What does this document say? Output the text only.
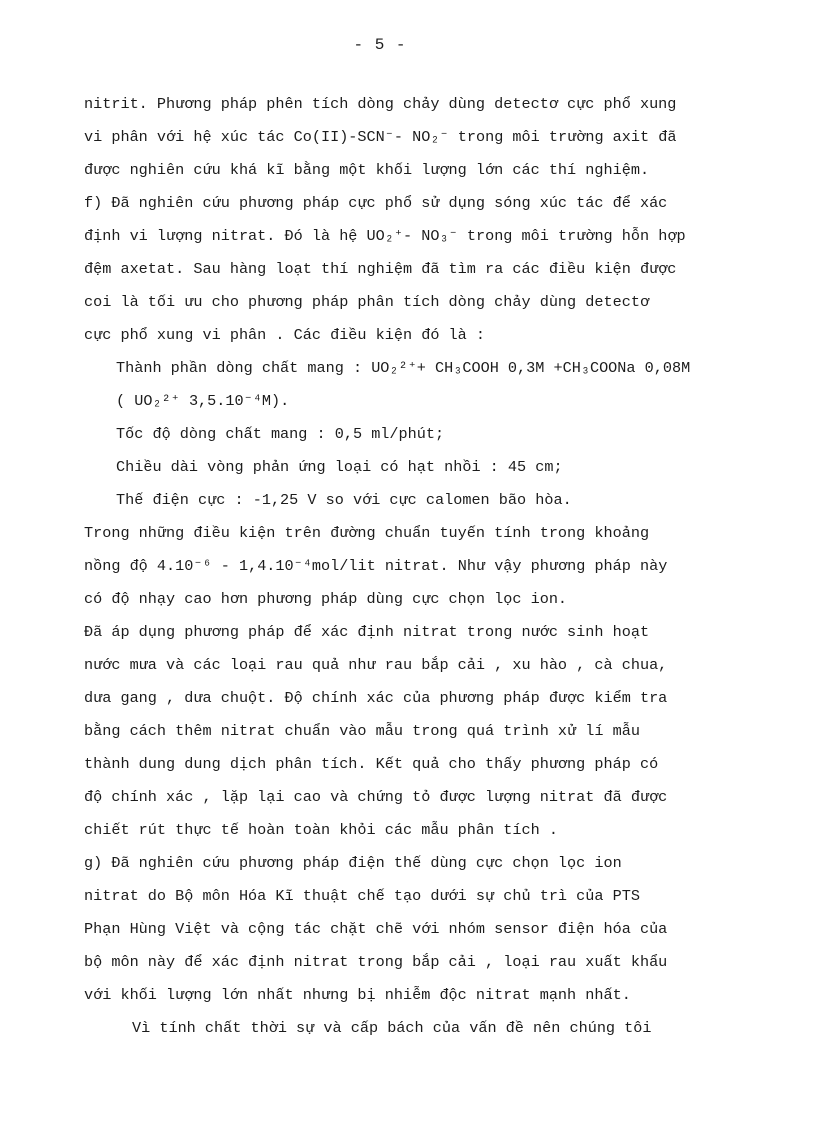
- 5 -
nitrit. Phương pháp phên tích dòng chảy dùng detectơ cực phổ xung
vi phân với hệ xúc tác Co(II)-SCN⁻- NO₂⁻ trong môi trường axit đã
được nghiên cứu khá kĩ bằng một khối lượng lớn các thí nghiệm.
f) Đã nghiên cứu phương pháp cực phổ sử dụng sóng xúc tác để xác
định vi lượng nitrat. Đó là hệ UO₂⁺- NO₃⁻ trong môi trường hỗn hợp
đệm axetat. Sau hàng loạt thí nghiệm đã tìm ra các điều kiện được
coi là tối ưu cho phương pháp phân tích dòng chảy dùng detectơ
cực phổ xung vi phân . Các điều kiện đó là :
Thành phần dòng chất mang : UO₂²⁺+ CH₃COOH 0,3M +CH₃COONa 0,08M
( UO₂²⁺ 3,5.10⁻⁴M).
Tốc độ dòng chất mang : 0,5 ml/phút;
Chiều dài vòng phản ứng loại có hạt nhồi : 45 cm;
Thế điện cực : -1,25 V so với cực calomen bão hòa.
Trong những điều kiện trên đường chuẩn tuyến tính trong khoảng
nồng độ 4.10⁻⁶ - 1,4.10⁻⁴mol/lit nitrat. Như vậy phương pháp này
có độ nhạy cao hơn phương pháp dùng cực chọn lọc ion.
Đã áp dụng phương pháp để xác định nitrat trong nước sinh hoạt
nước mưa và các loại rau quả như rau bắp cải , xu hào , cà chua,
dưa gang , dưa chuột. Độ chính xác của phương pháp được kiểm tra
bằng cách thêm nitrat chuẩn vào mẫu trong quá trình xử lí mẫu
thành dung dung dịch phân tích. Kết quả cho thấy phương pháp có
độ chính xác , lặp lại cao và chứng tỏ được lượng nitrat đã được
chiết rút thực tế hoàn toàn khỏi các mẫu phân tích .
g) Đã nghiên cứu phương pháp điện thế dùng cực chọn lọc ion
nitrat do Bộ môn Hóa Kĩ thuật chế tạo dưới sự chủ trì của PTS
Phạn Hùng Việt và cộng tác chặt chẽ với nhóm sensor điện hóa của
bộ môn này để xác định nitrat trong bắp cải , loại rau xuất khẩu
với khối lượng lớn nhất nhưng bị nhiễm độc nitrat mạnh nhất.
Vì tính chất thời sự và cấp bách của vấn đề nên chúng tôi
